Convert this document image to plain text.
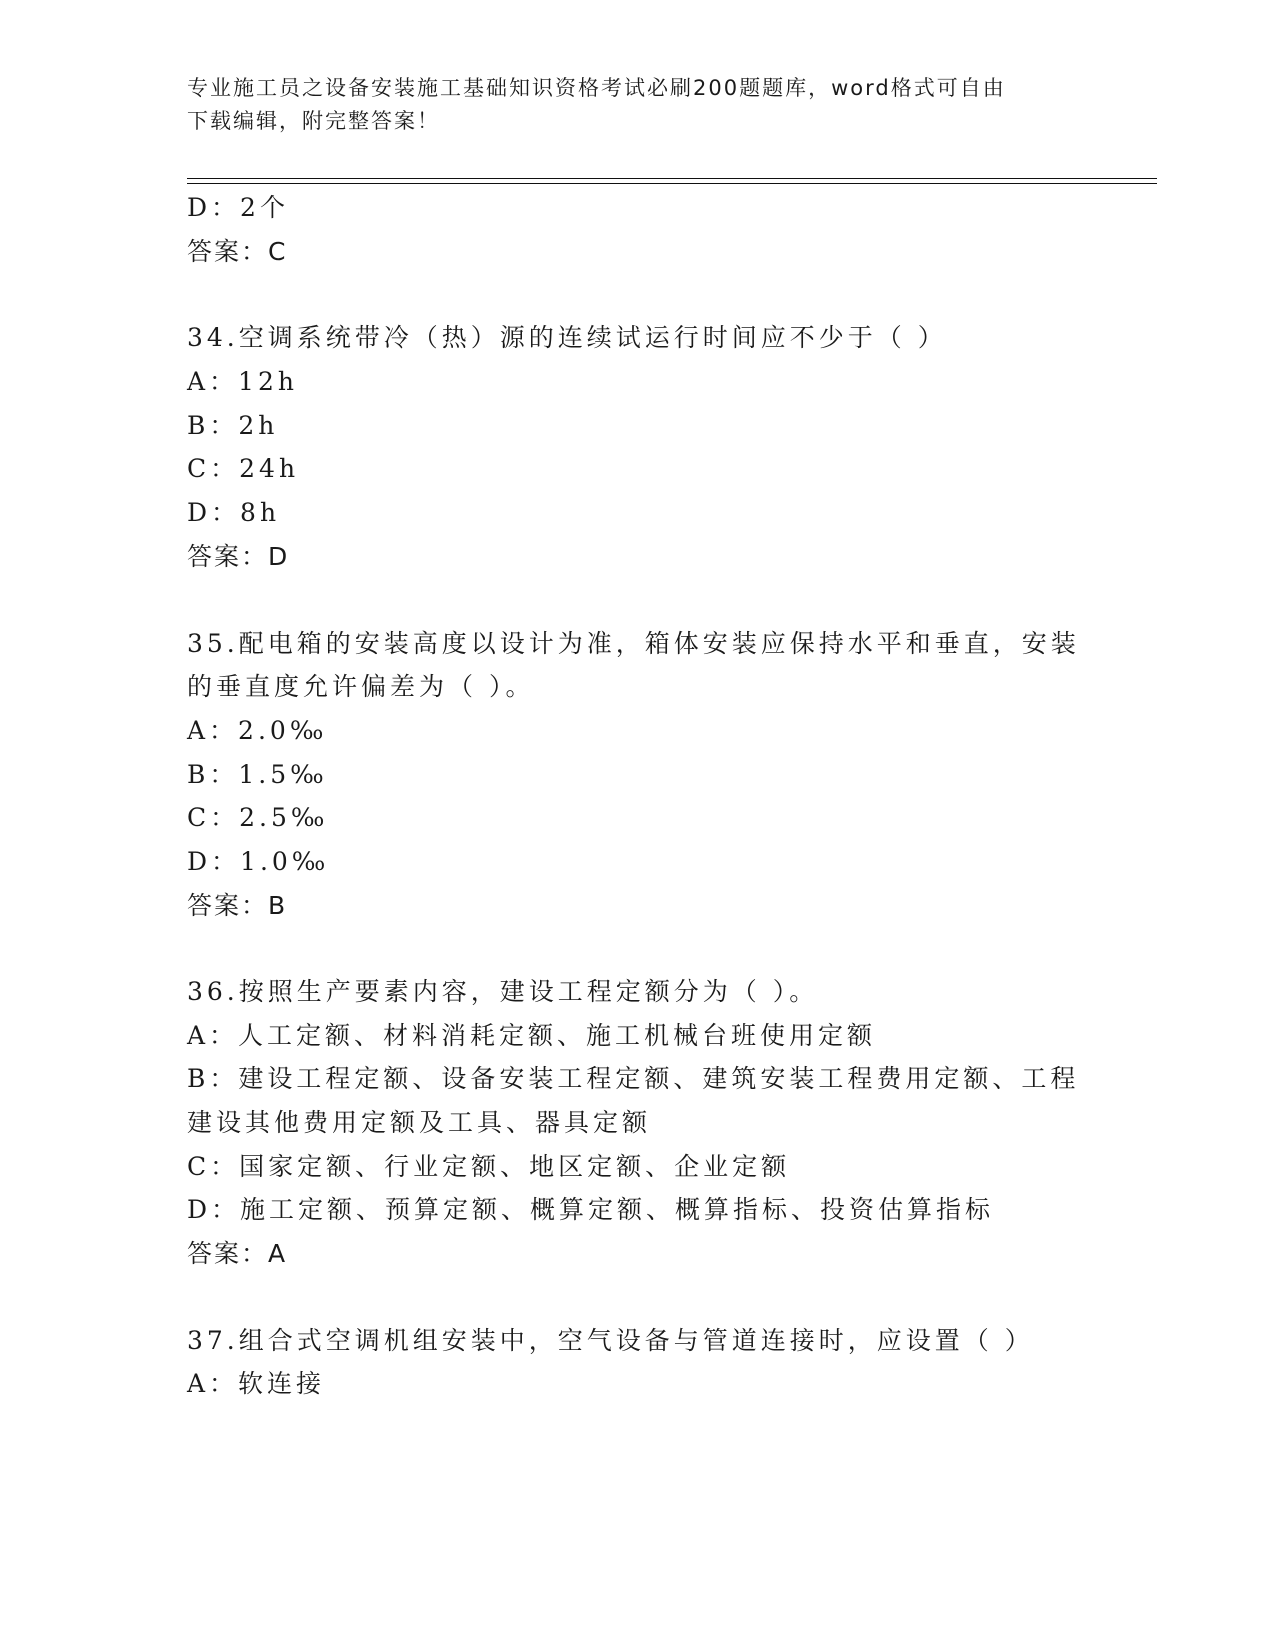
专业施工员之设备安装施工基础知识资格考试必刷200题题库，word格式可自由
下载编辑，附完整答案！
D：2个
答案：C
34.空调系统带冷（热）源的连续试运行时间应不少于（ ）
A：12h
B：2h
C：24h
D：8h
答案：D
35.配电箱的安装高度以设计为准，箱体安装应保持水平和垂直，安装
的垂直度允许偏差为（ ）。
A：2.0‰
B：1.5‰
C：2.5‰
D：1.0‰
答案：B
36.按照生产要素内容，建设工程定额分为（ ）。
A：人工定额、材料消耗定额、施工机械台班使用定额
B：建设工程定额、设备安装工程定额、建筑安装工程费用定额、工程
建设其他费用定额及工具、器具定额
C：国家定额、行业定额、地区定额、企业定额
D：施工定额、预算定额、概算定额、概算指标、投资估算指标
答案：A
37.组合式空调机组安装中，空气设备与管道连接时，应设置（ ）
A：软连接
